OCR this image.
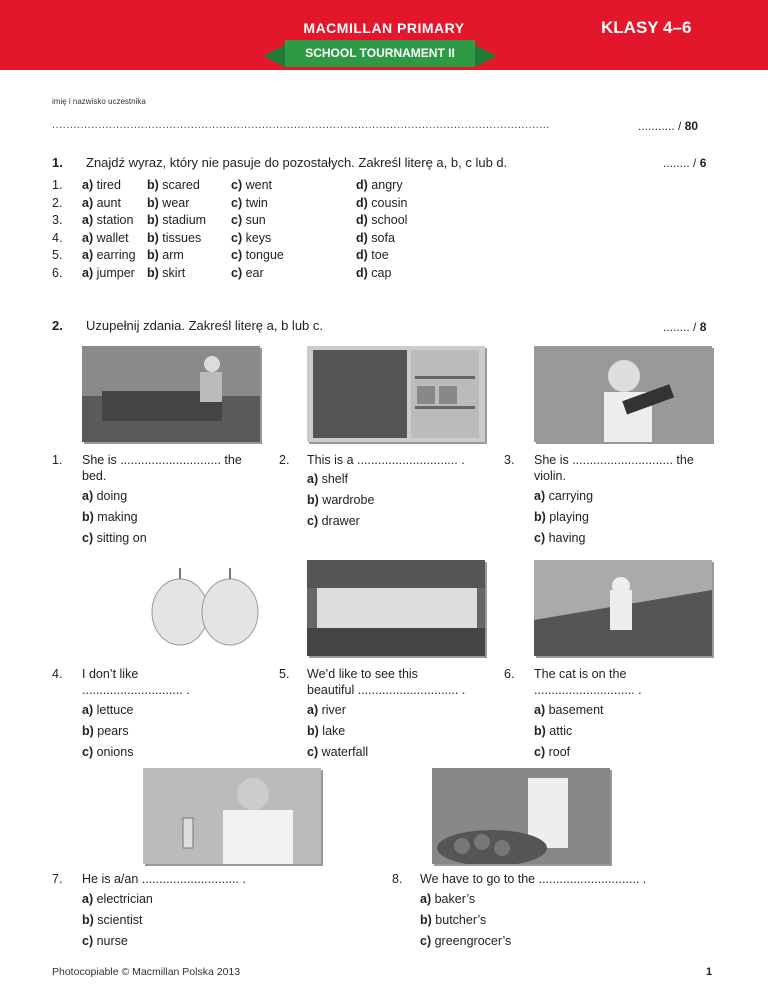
MACMILLAN PRIMARY
SCHOOL TOURNAMENT II
KLASY 4–6
imię i nazwisko uczestnika
............................................................................................................................................	........... / 80
1. Znajdź wyraz, który nie pasuje do pozostałych. Zakreśl literę a, b, c lub d.	........ / 6
1. a) tired b) scared c) went	d) angry
2. a) aunt b) wear	c) twin	d) cousin
3. a) station b) stadium c) sun	d) school
4. a) wallet b) tissues c) keys	d) sofa
5. a) earring b) arm	c) tongue	d) toe
6. a) jumper b) skirt	c) ear	d) cap
2. Uzupełnij zdania. Zakreśl literę a, b lub c.	........ / 8
1. She is ............................. the
bed.
a) doing
b) making
c) sitting on
2. This is a ............................. .
a) shelf
b) wardrobe
c) drawer
3. She is ............................. the
violin.
a) carrying
b) playing
c) having
4. I don’t like
............................. .
a) lettuce
b) pears
c) onions
5. We’d like to see this
beautiful ............................. .
a) river
b) lake
c) waterfall
6. The cat is on the
............................. .
a) basement
b) attic
c) roof
7. He is a/an ............................ .
a) electrician
b) scientist
c) nurse
8. We have to go to the ............................. .
a) baker’s
b) butcher’s
c) greengrocer’s
Photocopiable © Macmillan Polska 2013	1
